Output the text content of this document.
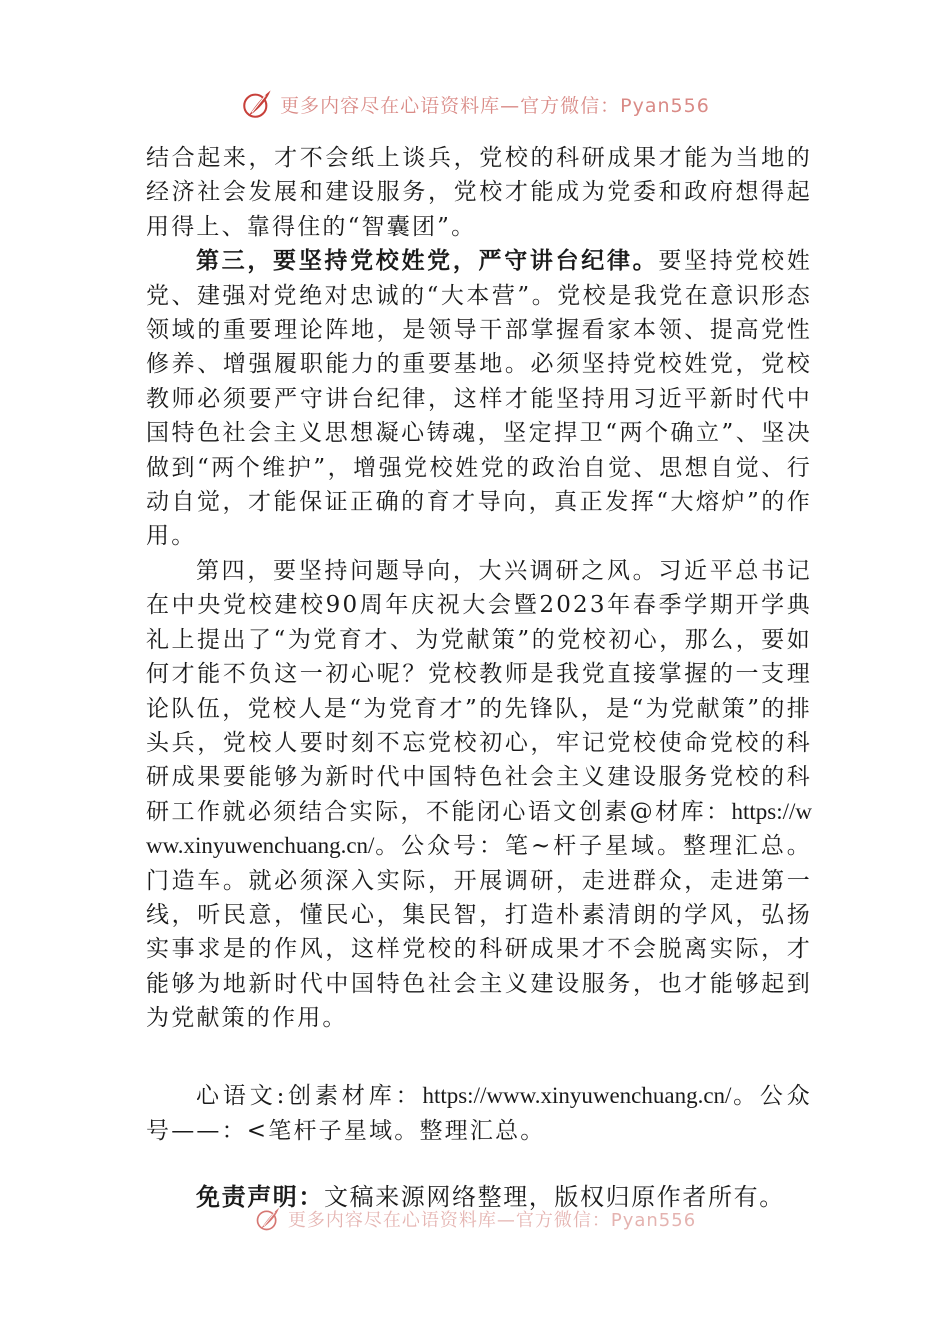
更多内容尽在心语资料库—官方微信：Pyan556

结合起来，才不会纸上谈兵，党校的科研成果才能为当地的经济社会发展和建设服务，党校才能成为党委和政府想得起用得上、靠得住的“智囊团”。

第三，要坚持党校姓党，严守讲台纪律。要坚持党校姓党、建强对党绝对忠诚的“大本营”。党校是我党在意识形态领域的重要理论阵地，是领导干部掌握看家本领、提高党性修养、增强履职能力的重要基地。必须坚持党校姓党，党校教师必须要严守讲台纪律，这样才能坚持用习近平新时代中国特色社会主义思想凝心铸魂，坚定捍卫“两个确立”、坚决做到“两个维护”，增强党校姓党的政治自觉、思想自觉、行动自觉，才能保证正确的育才导向，真正发挥“大熔炉”的作用。

第四，要坚持问题导向，大兴调研之风。习近平总书记在中央党校建校90周年庆祝大会暨2023年春季学期开学典礼上提出了“为党育才、为党献策”的党校初心，那么，要如何才能不负这一初心呢？党校教师是我党直接掌握的一支理论队伍，党校人是“为党育才”的先锋队，是“为党献策”的排头兵，党校人要时刻不忘党校初心，牢记党校使命党校的科研成果要能够为新时代中国特色社会主义建设服务党校的科研工作就必须结合实际，不能闭心语文创素@材库：https://www.xinyuwenchuang.cn/。公众号：笔~杆子星域。整理汇总。门造车。就必须深入实际，开展调研，走进群众，走进第一线，听民意，懂民心，集民智，打造朴素清朗的学风，弘扬实事求是的作风，这样党校的科研成果才不会脱离实际，才能够为地新时代中国特色社会主义建设服务，也才能够起到为党献策的作用。

心语文:创素材库：https://www.xinyuwenchuang.cn/。公众号——：<笔杆子星域。整理汇总。

免责声明：文稿来源网络整理，版权归原作者所有。

更多内容尽在心语资料库—官方微信：Pyan556
